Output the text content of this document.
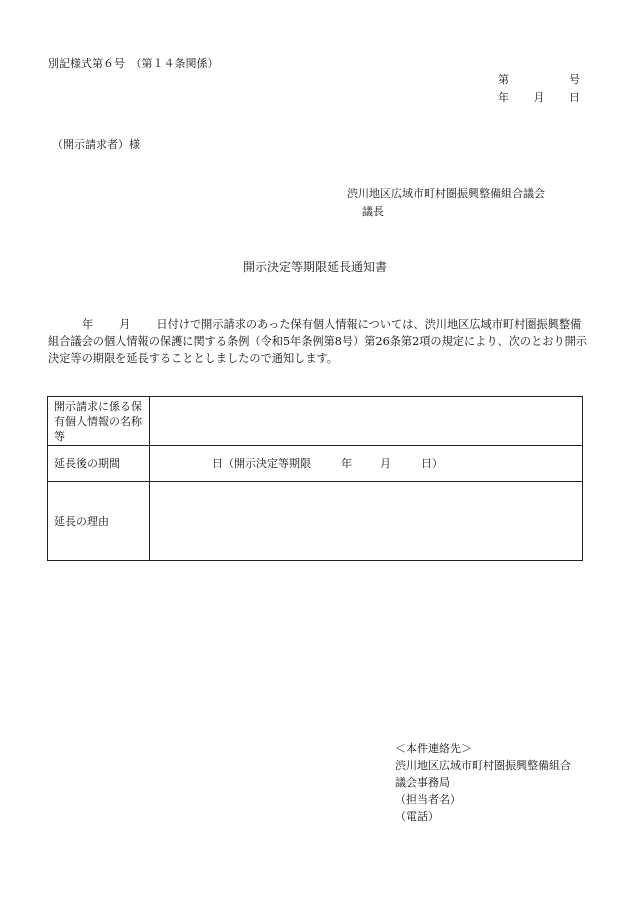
別記様式第６号　（第１４条関係）
第	号
年 月 日
（開示請求者）様
渋川地区広域市町村圏振興整備組合議会
議長
開示決定等期限延長通知書
年 月 日付けで開示請求のあった保有個人情報については、渋川地区広域市町村圏振興整備組合議会の個人情報の保護に関する条例（令和5年条例第8号）第26条第2項の規定により、次のとおり開示決定等の期限を延長することとしましたので通知します。
開示請求に係る保有個人情報の名称等	
延長後の期間	日（開示決定等期限 年 月 日）

延長の理由	
＜本件連絡先＞
渋川地区広域市町村圏振興整備組合
議会事務局
（担当者名）
（電話）
